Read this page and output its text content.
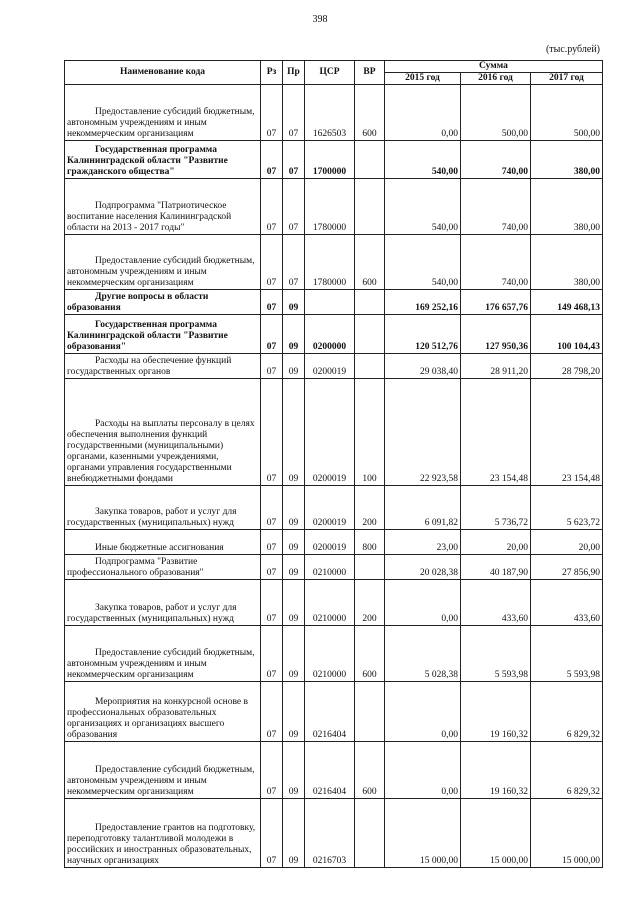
398
(тыс.рублей)
Наименование кода	Рз	Пр	ЦСР	ВР	Сумма		
					2015 год	2016 год	2017 год
Предоставление субсидий бюджетным, автономным учреждениям и иным некоммерческим организациям	07	07	1626503	600	0,00	500,00	500,00
Государственная программа Калининградской области "Развитие гражданского общества"	07	07	1700000		540,00	740,00	380,00
Подпрограмма "Патриотическое воспитание населения Калининградской области на 2013 - 2017 годы"	07	07	1780000		540,00	740,00	380,00
Предоставление субсидий бюджетным, автономным учреждениям и иным некоммерческим организациям	07	07	1780000	600	540,00	740,00	380,00
Другие вопросы в области образования	07	09			169 252,16	176 657,76	149 468,13
Государственная программа Калининградской области "Развитие образования"	07	09	0200000		120 512,76	127 950,36	100 104,43
Расходы на обеспечение функций государственных органов	07	09	0200019		29 038,40	28 911,20	28 798,20
Расходы на выплаты персоналу в целях обеспечения выполнения функций государственными (муниципальными) органами, казенными учреждениями, органами управления государственными внебюджетными фондами	07	09	0200019	100	22 923,58	23 154,48	23 154,48
Закупка товаров, работ и услуг для государственных (муниципальных) нужд	07	09	0200019	200	6 091,82	5 736,72	5 623,72
Иные бюджетные ассигнования	07	09	0200019	800	23,00	20,00	20,00
Подпрограмма "Развитие профессионального образования"	07	09	0210000		20 028,38	40 187,90	27 856,90
Закупка товаров, работ и услуг для государственных (муниципальных) нужд	07	09	0210000	200	0,00	433,60	433,60
Предоставление субсидий бюджетным, автономным учреждениям и иным некоммерческим организациям	07	09	0210000	600	5 028,38	5 593,98	5 593,98
Мероприятия на конкурсной основе в профессиональных образовательных организациях и организациях высшего образования	07	09	0216404		0,00	19 160,32	6 829,32
Предоставление субсидий бюджетным, автономным учреждениям и иным некоммерческим организациям	07	09	0216404	600	0,00	19 160,32	6 829,32
Предоставление грантов на подготовку, переподготовку талантливой молодежи в российских и иностранных образовательных, научных организациях	07	09	0216703		15 000,00	15 000,00	15 000,00
